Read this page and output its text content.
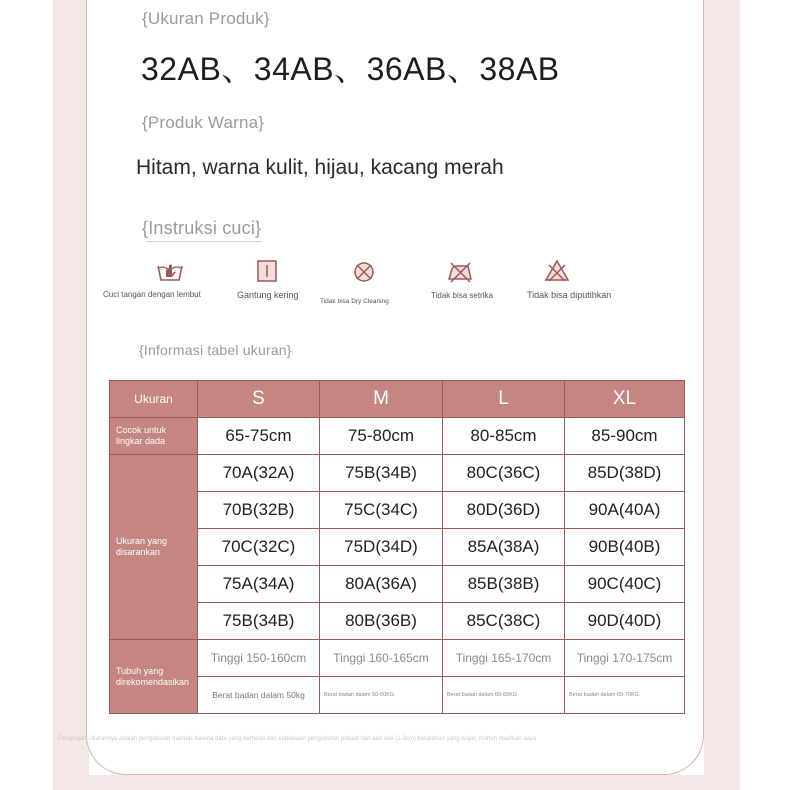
{Ukuran Produk}
32AB、34AB、36AB、38AB
{Produk Warna}
Hitam, warna kulit, hijau, kacang merah
{Instruksi cuci}
Cuci tangan dengan lembut	Gantung kering
Tidak bisa Dry Cleaning
Tidak bisa setrika	Tidak bisa diputihkan
{Informasi tabel ukuran}
Ukuran	S	M	L	XL
Cocok untuk lingkar dada	65-75cm	75-80cm	80-85cm	85-90cm
Ukuran yang disarankan	70A(32A)	75B(34B)	80C(36C)	85D(38D)
	70B(32B)	75C(34C)	80D(36D)	90A(40A)
	70C(32C)	75D(34D)	85A(38A)	90B(40B)
	75A(34A)	80A(36A)	85B(38B)	90C(40C)
	75B(34B)	80B(36B)	85C(38C)	90D(40D)
Tubuh yang direkomendasikan	Tinggi 150-160cm	Tinggi 160-165cm	Tinggi 165-170cm	Tinggi 170-175cm
	Berat badan dalam 50kg	Berat badan dalam 50-60KG	Berat badan dalam 60-65KG	Berat badan dalam 65-70KG
Pengingat: Ukurannya adalah pengukuran manual, karena data yang berbeda dan kebiasaan pengukuran pribadi dan alat ada (1-3cm) kesalahan yang wajar, mohon maafkan saya
